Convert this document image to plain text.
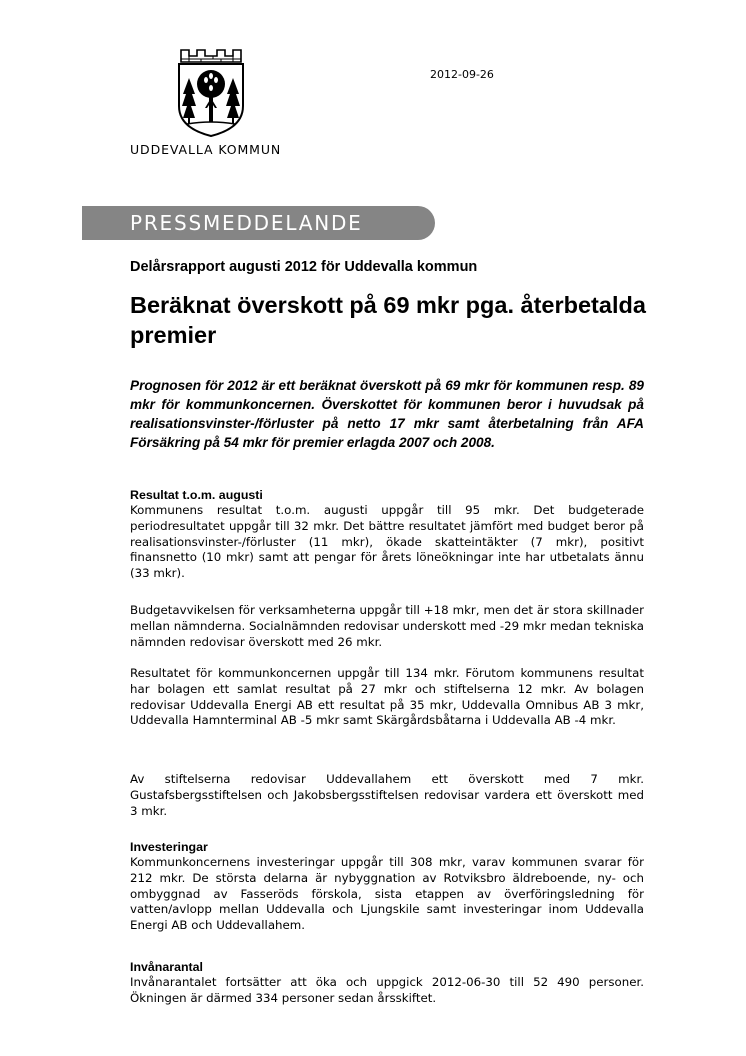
UDDEVALLA KOMMUN
2012-09-26
PRESSMEDDELANDE
Delårsrapport augusti 2012 för Uddevalla kommun
Beräknat överskott på 69 mkr pga. återbetalda premier

Prognosen för 2012 är ett beräknat överskott på 69 mkr för kommunen resp. 89 mkr för kommunkoncernen. Överskottet för kommunen beror i huvudsak på realisationsvinster-/förluster på netto 17 mkr samt återbetalning från AFA Försäkring på 54 mkr för premier erlagda 2007 och 2008.

Resultat t.o.m. augusti

Kommunens resultat t.o.m. augusti uppgår till 95 mkr. Det budgeterade periodresultatet uppgår till 32 mkr. Det bättre resultatet jämfört med budget beror på realisationsvinster-/förluster (11 mkr), ökade skatteintäkter (7 mkr), positivt finansnetto (10 mkr) samt att pengar för årets löneökningar inte har utbetalats ännu (33 mkr).

Budgetavvikelsen för verksamheterna uppgår till +18 mkr, men det är stora skillnader mellan nämnderna. Socialnämnden redovisar underskott med -29 mkr medan tekniska nämnden redovisar överskott med 26 mkr.

Resultatet för kommunkoncernen uppgår till 134 mkr. Förutom kommunens resultat har bolagen ett samlat resultat på 27 mkr och stiftelserna 12 mkr. Av bolagen redovisar Uddevalla Energi AB ett resultat på 35 mkr, Uddevalla Omnibus AB 3 mkr, Uddevalla Hamnterminal AB -5 mkr samt Skärgårdsbåtarna i Uddevalla AB -4 mkr.

Av stiftelserna redovisar Uddevallahem ett överskott med 7 mkr. Gustafsbergsstiftelsen och Jakobsbergsstiftelsen redovisar vardera ett överskott med 3 mkr.

Investeringar

Kommunkoncernens investeringar uppgår till 308 mkr, varav kommunen svarar för 212 mkr. De största delarna är nybyggnation av Rotviksbro äldreboende, ny- och ombyggnad av Fasseröds förskola, sista etappen av överföringsledning för vatten/avlopp mellan Uddevalla och Ljungskile samt investeringar inom Uddevalla Energi AB och Uddevallahem.

Invånarantal

Invånarantalet fortsätter att öka och uppgick 2012-06-30 till 52 490 personer. Ökningen är därmed 334 personer sedan årsskiftet.
